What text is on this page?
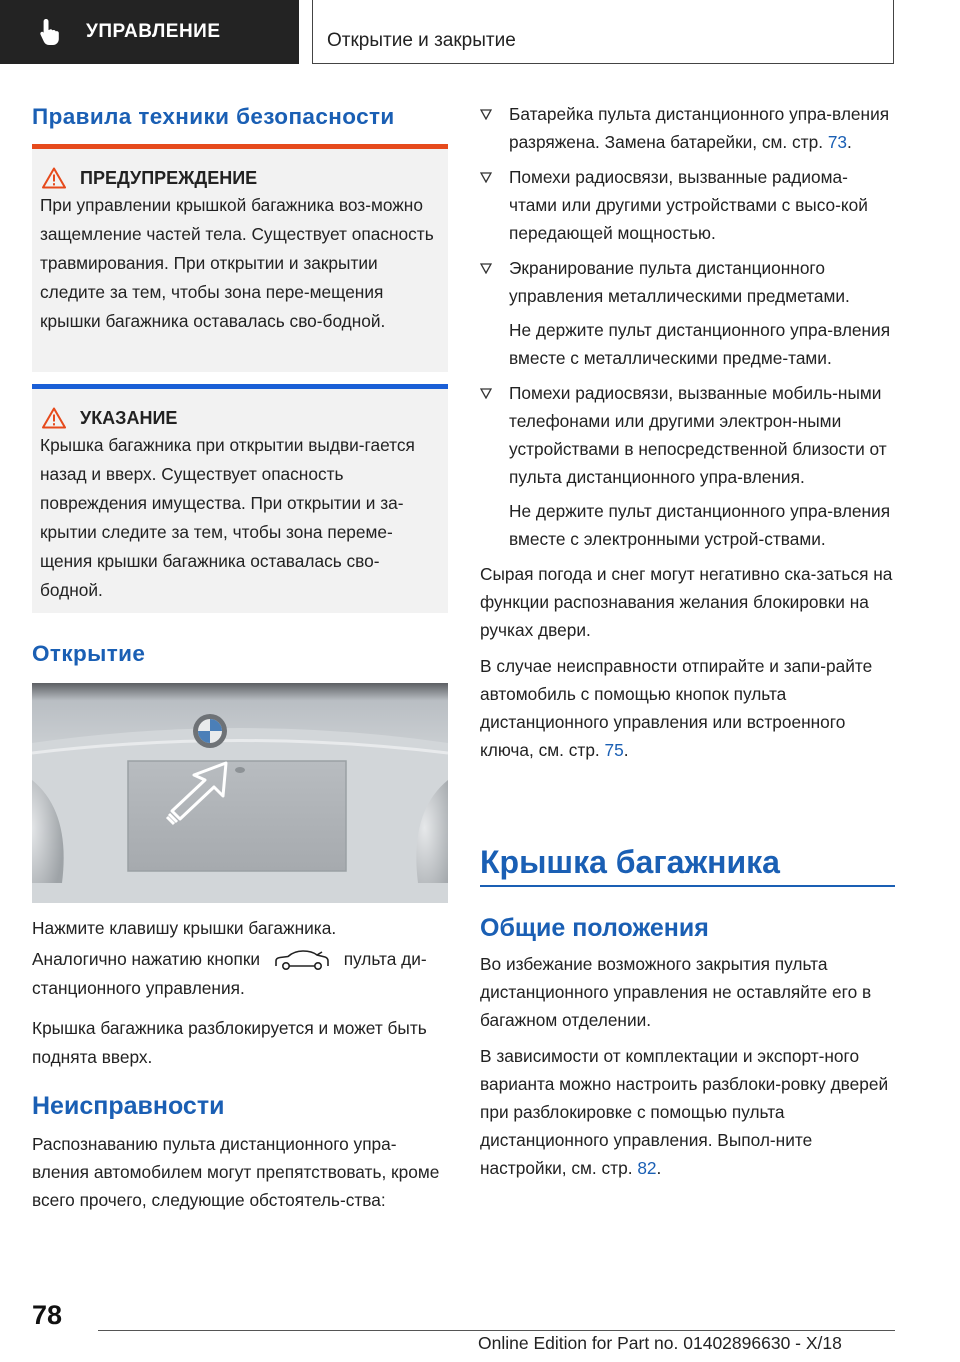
УПРАВЛЕНИЕ	Открытие и закрытие
Правила техники безопасности
ПРЕДУПРЕЖДЕНИЕ

При управлении крышкой багажника воз-можно защемление частей тела. Существует опасность травмирования. При открытии и закрытии следите за тем, чтобы зона пере-мещения крышки багажника оставалась сво-бодной.

УКАЗАНИЕ

Крышка багажника при открытии выдви-гается назад и вверх. Существует опасность повреждения имущества. При открытии и за-крытии следите за тем, чтобы зона переме-щения крышки багажника оставалась сво-бодной.

Открытие

Нажмите клавишу крышки багажника.

Аналогично нажатию кнопки	пульта ди-станционного управления.

Крышка багажника разблокируется и может быть поднята вверх.

Неисправности

Распознаванию пульта дистанционного упра-вления автомобилем могут препятствовать, кроме всего прочего, следующие обстоятель-ства:

Батарейка пульта дистанционного упра-вления разряжена. Замена батарейки, см. стр. 73.

Помехи радиосвязи, вызванные радиома-чтами или другими устройствами с высо-кой передающей мощностью.

Экранирование пульта дистанционного управления металлическими предметами.

Не держите пульт дистанционного упра-вления вместе с металлическими предме-тами.

Помехи радиосвязи, вызванные мобиль-ными телефонами или другими электрон-ными устройствами в непосредственной близости от пульта дистанционного упра-вления.

Не держите пульт дистанционного упра-вления вместе с электронными устрой-ствами.

Сырая погода и снег могут негативно ска-заться на функции распознавания желания блокировки на ручках двери.

В случае неисправности отпирайте и запи-райте автомобиль с помощью кнопок пульта дистанционного управления или встроенного ключа, см. стр. 75.

Крышка багажника
Общие положения

Во избежание возможного закрытия пульта дистанционного управления не оставляйте его в багажном отделении.

В зависимости от комплектации и экспорт-ного варианта можно настроить разблоки-ровку дверей при разблокировке с помощью пульта дистанционного управления. Выпол-ните настройки, см. стр. 82.

78
Online Edition for Part no. 01402896630 - X/18
